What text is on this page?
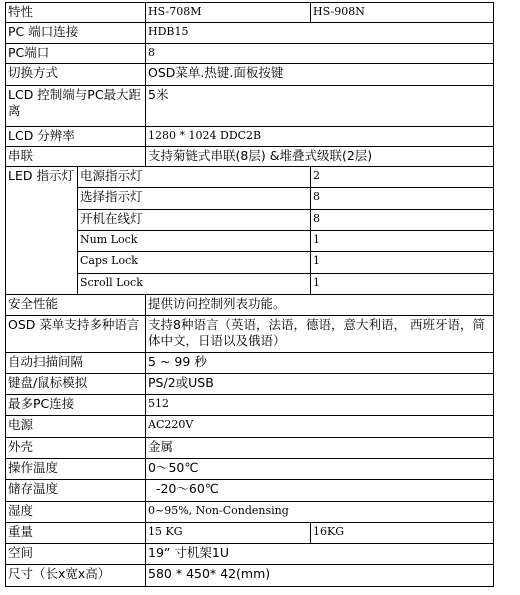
特性		HS-708M	HS-908N
PC 端口连接		HDB15	
PC端口		8	
切换方式		OSD菜单.热键.面板按键	
LCD 控制端与PC最大距离		5米	
LCD 分辨率		1280 * 1024 DDC2B	
串联		支持菊链式串联(8层) &堆叠式级联(2层)	
LED 指示灯	电源指示灯		2
	选择指示灯		8
	开机在线灯		8
	Num Lock		1
	Caps Lock		1
	Scroll Lock		1
安全性能		提供访问控制列表功能。	
OSD 菜单支持多种语言		支持8种语言（英语，法语，德语，意大利语， 西班牙语，简体中文，日语以及俄语）	
自动扫描间隔		5 ~ 99 秒	
键盘/鼠标模拟		PS/2或USB	
最多PC连接		512	
电源		AC220V	
外壳		金属	
操作温度		0～50℃	
储存温度		-20～60℃	
湿度		0~95%, Non-Condensing	
重量		15 KG	16KG
空间		19” 寸机架1U	
尺寸（长x宽x高）		580 * 450* 42(mm)	
